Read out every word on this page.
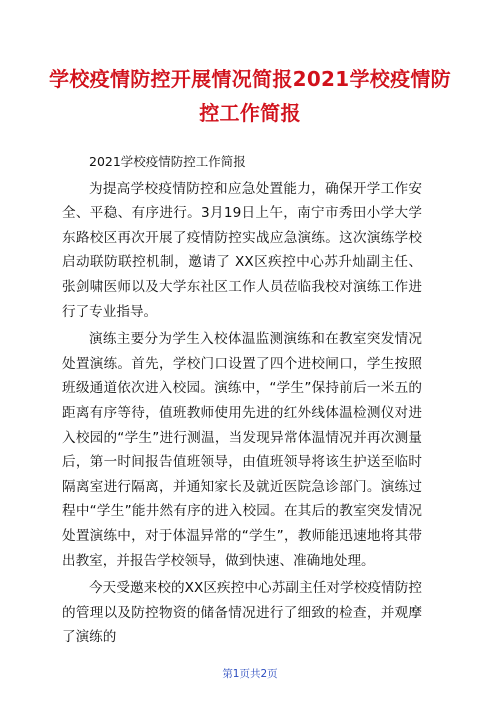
学校疫情防控开展情况简报2021学校疫情防控工作简报
2021学校疫情防控工作简报

为提高学校疫情防控和应急处置能力，确保开学工作安全、平稳、有序进行。3月19日上午，南宁市秀田小学大学东路校区再次开展了疫情防控实战应急演练。这次演练学校启动联防联控机制，邀请了 XX区疾控中心苏升灿副主任、张剑啸医师以及大学东社区工作人员莅临我校对演练工作进行了专业指导。

演练主要分为学生入校体温监测演练和在教室突发情况处置演练。首先，学校门口设置了四个进校闸口，学生按照班级通道依次进入校园。演练中，“学生”保持前后一米五的距离有序等待，值班教师使用先进的红外线体温检测仪对进入校园的“学生”进行测温，当发现异常体温情况并再次测量后，第一时间报告值班领导，由值班领导将该生护送至临时隔离室进行隔离，并通知家长及就近医院急诊部门。演练过程中“学生”能井然有序的进入校园。在其后的教室突发情况处置演练中，对于体温异常的“学生”，教师能迅速地将其带出教室，并报告学校领导，做到快速、准确地处理。

今天受邀来校的XX区疾控中心苏副主任对学校疫情防控的管理以及防控物资的储备情况进行了细致的检查，并观摩了演练的

第1页共2页
